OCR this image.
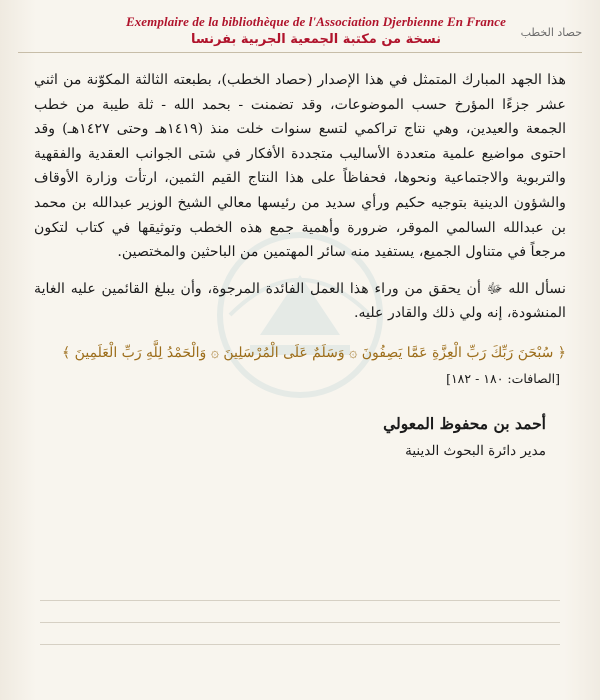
حصاد الخطب
Exemplaire de la bibliothèque de l'Association Djerbienne En France
نسخة من مكتبة الجمعية الجربية بفرنسا

هذا الجهد المبارك المتمثل في هذا الإصدار (حصاد الخطب)، بطبعته الثالثة المكوّنة من اثني عشر جزءًا المؤرخ حسب الموضوعات، وقد تضمنت - بحمد الله - ثلة طيبة من خطب الجمعة والعيدين، وهي نتاج تراكمي لتسع سنوات خلت منذ (١٤١٩هـ وحتى ١٤٢٧هـ) وقد احتوى مواضيع علمية متعددة الأساليب متجددة الأفكار في شتى الجوانب العقدية والفقهية والتربوية والاجتماعية ونحوها، فحفاظاً على هذا النتاج القيم الثمين، ارتأت وزارة الأوقاف والشؤون الدينية بتوجيه حكيم ورأي سديد من رئيسها معالي الشيخ الوزير عبدالله بن محمد بن عبدالله السالمي الموقر، ضرورة وأهمية جمع هذه الخطب وتوثيقها في كتاب لتكون مرجعاً في متناول الجميع، يستفيد منه سائر المهتمين من الباحثين والمختصين.

نسأل الله ﷻ أن يحقق من وراء هذا العمل الفائدة المرجوة، وأن يبلغ القائمين عليه الغاية المنشودة، إنه ولي ذلك والقادر عليه.

﴿ سُبْحَنَ رَبِّكَ رَبِّ الْعِزَّةِ عَمَّا يَصِفُونَ ۞ وَسَلَمٌ عَلَى الْمُرْسَلِينَ ۞ وَالْحَمْدُ لِلَّهِ رَبِّ الْعَلَمِينَ ﴾ [الصافات: ١٨٠ - ١٨٢]
أحمد بن محفوظ المعولي
مدير دائرة البحوث الدينية
